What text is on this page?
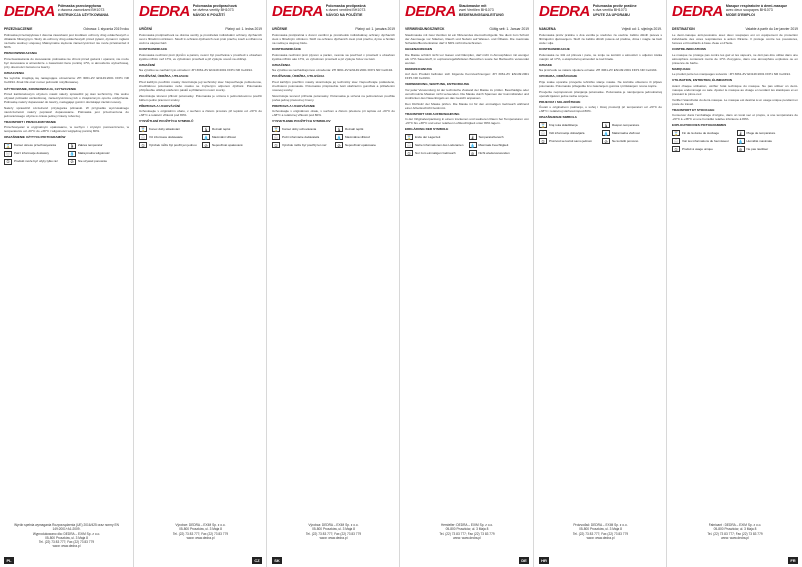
DEDRA Półmaska przeciwpyłowa
z dwoma zaworkami BH1073
INSTRUKCJA UŻYTKOWANIA
PRZEZNACZENIE	Odnowa: 1 stycznia 2019 roku

Półmaska przeciwpyłowa z dwoma zaworkami jest środkiem ochrony dróg oddechowych o działaniu filtracyjnym. Służy do ochrony dróg oddechowych przed pyłami, dymami i mgłami na bazie wodnej i olejowej. Maksymalne stężenie zanieczyszczeń nie może przekraczać 4 NDS.

PRZECIWWSKAZANIA

Przeciwwskazania do stosowania: półmaska nie chroni przed gazami i oparami, nie może być stosowana w atmosferze o zawartości tlenu poniżej 17%, w atmosferze wybuchowej, przy obecności zarostu na twarzy.

OZNACZENIA

Na wyrobie znajdują się następujące oznaczenia: ZH 3061-ZV EN149:2001 FFP1 NR Ce0194. Znak CE oraz numer jednostki notyfikowanej.

UŻYTKOWANIE, KONSERWACJA, CZYSZCZENIE

Przed każdorazowym użyciem maski należy sprawdzić jej stan techniczny. Nie wolno używać półmaski uszkodzonej, zanieczyszczonej lub o zwiększonym oporze oddychania. Półmaskę należy dopasować do twarzy, naciągając gumki i dociskając zacisk nosowy.

Należy sprawdzić szczelność przylegania półmaski. W przypadku wyczuwalnego nieszczelności należy poprawić dopasowanie. Półmaska jest przeznaczona do jednorazowego użycia w czasie jednej zmiany roboczej.

TRANSPORT I PRZECHOWYWANIE

Przechowywać w oryginalnym opakowaniu, w suchym i czystym pomieszczeniu, w temperaturze od -20°C do +38°C i wilgotności względnej poniżej 80%.

OBJAŚNIENIE UŻYTYCH PIKTOGRAMÓW

⌛	Koniec okresu przechowywania	🌡	Zakres temperatur
ⓘ	Patrz informacje dostawcy	💧	Maksymalna wilgotność
①	Produkt może być użyty tylko raz	⊘	Nie używać ponownie
Wyrób spełnia wymagania Rozporządzenia (UE) 2016/425 oraz normy EN 149:2001+A1:2009.
Wyprodukowano dla: DEDRA – EXIM Sp. z o.o.
05-800 Pruszków, ul. 3 Maja 8
Tel. (22) 73 83 777; Fax (22) 73 83 779
www: www.dedra.pl
PL
DEDRA Polomaska protiprachová
se dvěma ventily BH1073
NÁVOD K POUŽITÍ
URČENÍ	Platný od: 1. ledna 2019

Polomaska protiprachová se dvěma ventily je prostředek individuální ochrany dýchacích cest s filtračním účinkem. Slouží k ochraně dýchacích cest proti prachu, kouři a mlhám na vodní a olejové bázi.

KONTRAINDIKACE

Polomaska nechrání proti plynům a parám, nesmí být používána v prostředí s obsahem kyslíku nižším než 17%, ve výbušném prostředí a při výskytu vousů na obličeji.

OZNAČENÍ

Na výrobku se nachází tyto označení: ZH 3061-ZV EN149:2001 FFP1 NR Ce0194.

POUŽÍVÁNÍ, ÚDRŽBA, UTILIZACE

Před každým použitím masky zkontrolujte její technický stav. Nepoužívejte poškozenou, znečištěnou polomasku nebo masku se zvýšeným odporem dýchání. Polomasku přizpůsobte obličeji utažením pásků a přitlačením nosní svorky.

Zkontrolujte těsnost přilnutí polomasky. Polomaska je určena k jednorázovému použití během jedné pracovní směny.

PŘEPRAVA A UCHOVÁVÁNÍ

Uchovávejte v originálním obalu, v suchém a čistém prostoru při teplotě od -20°C do +38°C a relativní vlhkosti pod 80%.

VYSVĚTLENÍ POUŽITÝCH SYMBOLŮ

⌛	Konec doby skladování	🌡	Rozsah teplot
ⓘ	Viz informace dodavatele	💧	Maximální vlhkost
①	Výrobek může být použit jen jednou	⊘	Nepoužívat opakovaně
Výrobce: DEDRA – EXIM Sp. z o.o.
05-800 Pruszków, ul. 3 Maja 8
Tel. (22) 73 83 777; Fax (22) 73 83 779
www: www.dedra.pl
CZ
DEDRA Polomaska protiprašná
s dvomi ventilmi BH1073
NÁVOD NA POUŽITIE
URČENIE	Platný od: 1. januára 2019

Polomaska protiprašná s dvomi ventilmi je prostriedok individuálnej ochrany dýchacích ciest s filtračným účinkom. Slúži na ochranu dýchacích ciest proti prachu, dymu a hmlám na vodnej a olejovej báze.

KONTRAINDIKÁCIE

Polomaska nechráni proti plynom a parám, nesmie sa používať v prostredí s obsahom kyslíka nižším ako 17%, vo výbušnom prostredí a pri výskyte fúzov na tvári.

OZNAČENIA

Na výrobku sa nachádzajú tieto označenia: ZH 3061-ZV EN149:2001 FFP1 NR Ce0194.

POUŽÍVANIE, ÚDRŽBA, UTILIZÁCIA

Pred každým použitím masky skontrolujte jej technický stav. Nepoužívajte poškodenú, znečistenú polomasku. Polomasku prispôsobte tvári utiahnutím gumičiek a pritlačením nosovej svorky.

Skontrolujte tesnosť priľnutia polomasky. Polomaska je určená na jednorazové použitie počas jednej pracovnej zmeny.

PREPRAVA A UCHOVÁVANIE

Uchovávajte v originálnom obale, v suchom a čistom priestore pri teplote od -20°C do +38°C a relatívnej vlhkosti pod 80%.

VYSVETLENIE POUŽITÝCH SYMBOLOV

⌛	Koniec doby uchovávania	🌡	Rozsah teplôt
ⓘ	Pozri informácie dodávateľa	💧	Maximálna vlhkosť
①	Výrobok môže byť použitý len raz	⊘	Nepoužívať opakovane
Výrobca: DEDRA – EXIM Sp. z o.o.
05-800 Pruszków, ul. 3 Maja 8
Tel. (22) 73 83 777; Fax (22) 73 83 779
www: www.dedra.pl
SK
DEDRA Staubmaske mit
zwei Ventilen BH1073
BEDIENUNGSANLEITUNG
VERWENDUNGSZWECK	Gültig seit: 1. Januar 2019

Staubmaske mit zwei Ventilen ist ein filtrierendes Atemschutzgerät. Sie dient zum Schutz der Atemwege vor Stäuben, Rauch und Nebeln auf Wasser- und Ölbasis. Die maximale Schadstoffkonzentration darf 4 NDS nicht überschreiten.

GEGENANZEIGEN

Die Maske schützt nicht vor Gasen und Dämpfen, darf nicht in Atmosphären mit weniger als 17% Sauerstoff, in explosionsgefährdeten Bereichen sowie bei Bartwuchs verwendet werden.

KENNZEICHNUNG

Auf dem Produkt befinden sich folgende Kennzeichnungen: ZH 3061-ZV EN149:2001 FFP1 NR Ce0194.

VERWENDUNG, WARTUNG, ENTSORGUNG

Vor jeder Verwendung ist der technische Zustand der Maske zu prüfen. Beschädigte oder verschmutzte Masken nicht verwenden. Die Maske durch Spannen der Gummibänder und Andrücken des Nasenbügels an das Gesicht anpassen.

Den Dichtsitz der Maske prüfen. Die Maske ist für den einmaligen Gebrauch während einer Arbeitsschicht bestimmt.

TRANSPORT UND AUFBEWAHRUNG

In der Originalverpackung in einem trockenen und sauberen Raum bei Temperaturen von -20°C bis +38°C und einer relativen Luftfeuchtigkeit unter 80% lagern.

ERKLÄRUNG DER SYMBOLE

⌛	Ende der Lagerzeit	🌡	Temperaturbereich
ⓘ	Siehe Informationen des Lieferanten	💧	Maximale Feuchtigkeit
①	Nur zum einmaligen Gebrauch	⊘	Nicht wiederverwenden
Hersteller: DEDRA – EXIM Sp. z o.o.
05-800 Pruszków, ul. 3 Maja 8
Tel. (22) 73 83 777; Fax (22) 73 83 779
www: www.dedra.pl
DE
DEDRA Polumaska protiv prašine
s dva ventila BH1073
UPUTE ZA UPORABU
NAMJENA	Vrijedi od: 1. siječnja 2019.

Polumaska protiv prašine s dva ventila je sredstvo za osobnu zaštitu dišnih puteva s filtrirajućim djelovanjem. Služi za zaštitu dišnih puteva od prašine, dima i magle na bazi vode i ulja.

KONTRAINDIKACIJE

Polumaska ne štiti od plinova i para, ne smije se koristiti u atmosferi s udjelom kisika manjim od 17%, u eksplozivnoj atmosferi te kod brade.

OZNAKE

Na proizvodu se nalaze sljedeće oznake: ZH 3061-ZV EN149:2001 FFP1 NR Ce0194.

UPORABA, ODRŽAVANJE

Prije svake uporabe provjerite tehničko stanje maske. Ne koristite oštećenu ili prljavu polumasku. Polumasku prilagodite licu zatezanjem gumica i pritiskanjem nosne kopče.

Provjerite nepropusnost prianjanja polumaske. Polumaska je namijenjena jednokratnoj uporabi tijekom jedne radne smjene.

PRIJEVOZ I SKLADIŠTENJE

Čuvati u originalnom pakiranju, u suhoj i čistoj prostoriji pri temperaturi od -20°C do +38°C i relativnoj vlažnosti ispod 80%.

OBJAŠNJENJE SIMBOLA

⌛	Kraj roka skladištenja	🌡	Raspon temperature
ⓘ	Vidi informacije dobavljača	💧	Maksimalna vlažnost
①	Proizvod se koristi samo jednom	⊘	Ne koristiti ponovno
Proizvođač: DEDRA – EXIM Sp. z o.o.
05-800 Pruszków, ul. 3 Maja 8
Tel. (22) 73 83 777; Fax (22) 73 83 779
www: www.dedra.pl
HR
DEDRA Masque respiratoire à demi-masque
avec deux soupapes BH1073
MODE D'EMPLOI
DESTINATION	Valable à partir du 1er janvier 2019

Le demi-masque anti-poussière avec deux soupapes est un équipement de protection individuelle des voies respiratoires à action filtrante. Il protège contre les poussières, fumées et brouillards à base d'eau et d'huile.

CONTRE-INDICATIONS

Le masque ne protège pas contre les gaz et les vapeurs, ne doit pas être utilisé dans une atmosphère contenant moins de 17% d'oxygène, dans une atmosphère explosive ou en présence de barbe.

MARQUAGE

Le produit porte les marquages suivants : ZH 3061-ZV EN149:2001 FFP1 NR Ce0194.

UTILISATION, ENTRETIEN, ÉLIMINATION

Avant chaque utilisation, vérifier l'état technique du masque. Ne pas utiliser un demi-masque endommagé ou sale. Ajuster le masque au visage en tendant les élastiques et en pressant le pince-nez.

Vérifier l'étanchéité du demi-masque. Le masque est destiné à un usage unique pendant un poste de travail.

TRANSPORT ET STOCKAGE

Conserver dans l'emballage d'origine, dans un local sec et propre, à une température de -20°C à +38°C et une humidité relative inférieure à 80%.

EXPLICATION DES PICTOGRAMMES

⌛	Fin de la durée de stockage	🌡	Plage de température
ⓘ	Voir les informations du fournisseur	💧	Humidité maximale
①	Produit à usage unique	⊘	Ne pas réutiliser
Fabricant : DEDRA – EXIM Sp. z o.o.
05-800 Pruszków, ul. 3 Maja 8
Tel. (22) 73 83 777; Fax (22) 73 83 779
www: www.dedra.pl
FR
